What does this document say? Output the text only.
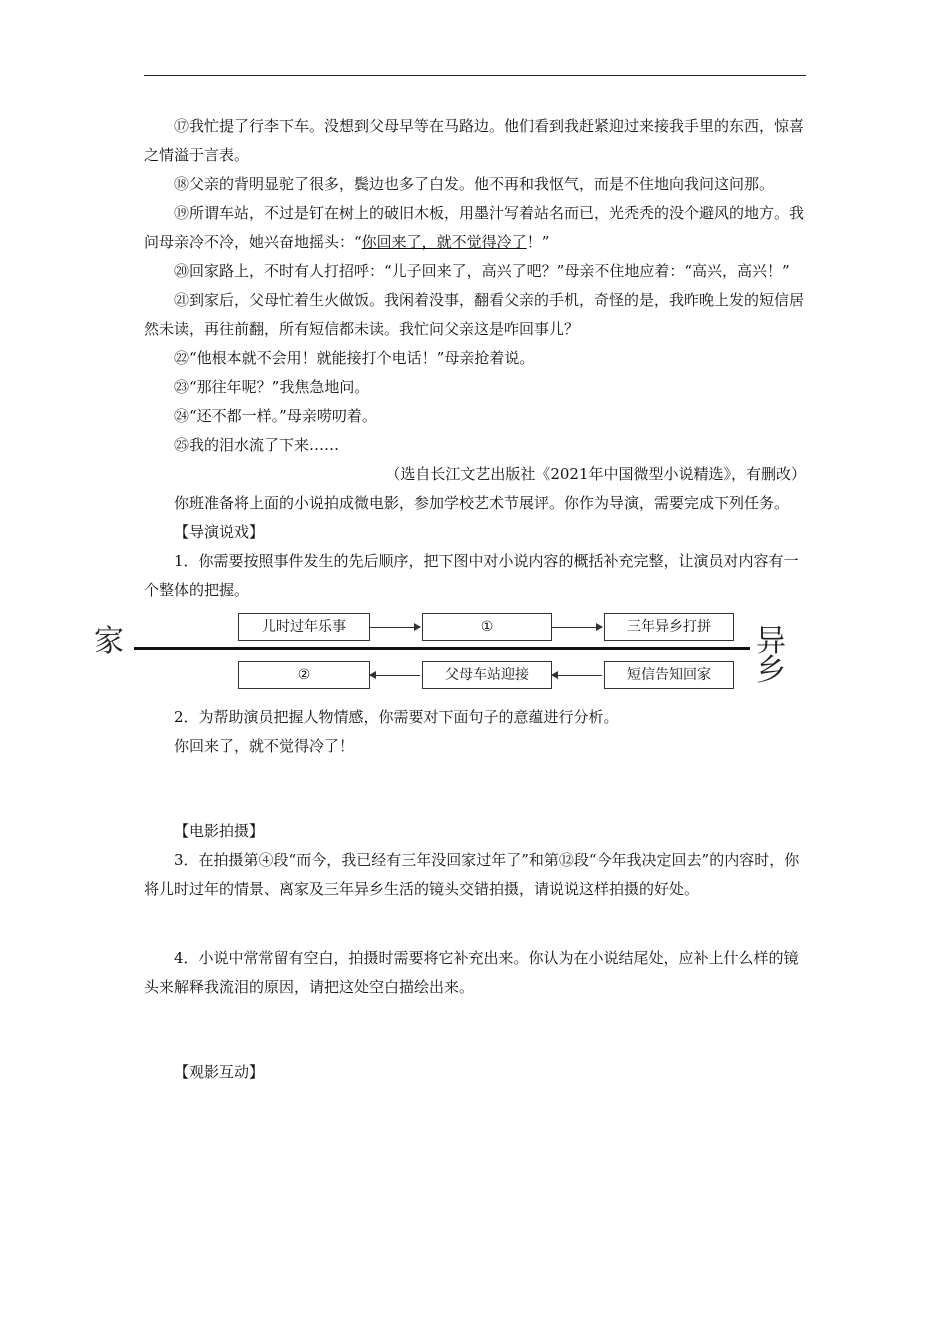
⑰我忙提了行李下车。没想到父母早等在马路边。他们看到我赶紧迎过来接我手里的东西，惊喜之情溢于言表。

⑱父亲的背明显驼了很多，鬓边也多了白发。他不再和我怄气，而是不住地向我问这问那。

⑲所谓车站，不过是钉在树上的破旧木板，用墨汁写着站名而已，光秃秃的没个避风的地方。我问母亲冷不冷，她兴奋地摇头：“你回来了，就不觉得冷了！”

⑳回家路上，不时有人打招呼：“儿子回来了，高兴了吧？”母亲不住地应着：“高兴，高兴！”

㉑到家后，父母忙着生火做饭。我闲着没事，翻看父亲的手机，奇怪的是，我昨晚上发的短信居然未读，再往前翻，所有短信都未读。我忙问父亲这是咋回事儿？

㉒“他根本就不会用！就能接打个电话！”母亲抢着说。

㉓“那往年呢？”我焦急地问。

㉔“还不都一样。”母亲唠叨着。

㉕我的泪水流了下来……

（选自长江文艺出版社《2021年中国微型小说精选》，有删改）

你班准备将上面的小说拍成微电影，参加学校艺术节展评。你作为导演，需要完成下列任务。

【导演说戏】

1．你需要按照事件发生的先后顺序，把下图中对小说内容的概括补充完整，让演员对内容有一个整体的把握。

家	异乡
儿时过年乐事	①	三年异乡打拼
②	父母车站迎接	短信告知回家

2．为帮助演员把握人物情感，你需要对下面句子的意蕴进行分析。

你回来了，就不觉得冷了！

【电影拍摄】

3．在拍摄第④段“而今，我已经有三年没回家过年了”和第⑫段“今年我决定回去”的内容时，你将儿时过年的情景、离家及三年异乡生活的镜头交错拍摄，请说说这样拍摄的好处。

4．小说中常常留有空白，拍摄时需要将它补充出来。你认为在小说结尾处，应补上什么样的镜头来解释我流泪的原因，请把这处空白描绘出来。

【观影互动】
